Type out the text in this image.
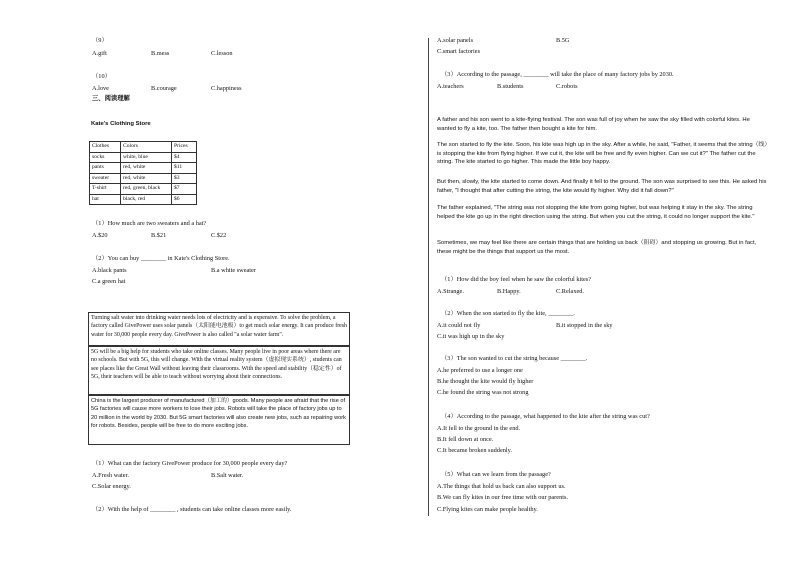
（9）
A.gift	B.mess	C.lesson
（10）
A.love	B.courage	C.happiness
三、阅读理解
Kate's Clothing Store
Clothes	Colors	Prices
socks	white, blue	$4
pants	red, white	$11
sweater	red, white	$3
T-shirt	red, green, black	$7
hat	black, red	$6
（1）How much are two sweaters and a hat?
A.$20	B.$21	C.$22
（2）You can buy ________ in Kate's Clothing Store.
A.black pants	B.a white sweater
C.a green hat

Turning salt water into drinking water needs lots of electricity and is expensive. To solve the problem, a factory called GivePower uses solar panels（太阳能电池板）to get much solar energy. It can produce fresh water for 30,000 people every day. GivePower is also called "a solar water farm".

5G will be a big help for students who take online classes. Many people live in poor areas where there are no schools. But with 5G, this will change. With the virtual reality system（虚拟现实系统）, students can see places like the Great Wall without leaving their classrooms. With the speed and stability（稳定性）of 5G, their teachers will be able to teach without worrying about their connections.

China is the largest producer of manufactured（加工的）goods. Many people are afraid that the rise of 5G factories will cause more workers to lose their jobs. Robots will take the place of factory jobs up to 20 million in the world by 2030. But 5G smart factories will also create new jobs, such as repairing work for robots. Besides, people will be free to do more exciting jobs.

（1）What can the factory GivePower produce for 30,000 people every day?
A.Fresh water.	B.Salt water.
C.Solar energy.
（2）With the help of ________ , students can take online classes more easily.
A.solar panels	B.5G
C.smart factories
（3）According to the passage, ________ will take the place of many factory jobs by 2030.
A.teachers	B.students	C.robots
A father and his son went to a kite-flying festival. The son was full of joy when he saw the sky filled with colorful kites. He wanted to fly a kite, too. The father then bought a kite for him.
The son started to fly the kite. Soon, his kite was high up in the sky. After a while, he said, "Father, it seems that the string（线）is stopping the kite from flying higher. If we cut it, the kite will be free and fly even higher. Can we cut it?" The father cut the string. The kite started to go higher. This made the little boy happy.
But then, slowly, the kite started to come down. And finally it fell to the ground. The son was surprised to see this. He asked his father, "I thought that after cutting the string, the kite would fly higher. Why did it fall down?"
The father explained, "The string was not stopping the kite from going higher, but was helping it stay in the sky. The string helped the kite go up in the right direction using the string. But when you cut the string, it could no longer support the kite."
Sometimes, we may feel like there are certain things that are holding us back（阻碍）and stopping us growing. But in fact, these might be the things that support us the most.
（1）How did the boy feel when he saw the colorful kites?
A.Strange.	B.Happy.	C.Relaxed.
（2）When the son started to fly the kite, ________.
A.it could not fly	B.it stopped in the sky
C.it was high up in the sky
（3）The son wanted to cut the string because ________.
A.he preferred to use a longer one
B.he thought the kite would fly higher
C.he found the string was not strong
（4）According to the passage, what happened to the kite after the string was cut?
A.It fell to the ground in the end.
B.It fell down at once.
C.It became broken suddenly.
（5）What can we learn from the passage?
A.The things that hold us back can also support us.
B.We can fly kites in our free time with our parents.
C.Flying kites can make people healthy.
